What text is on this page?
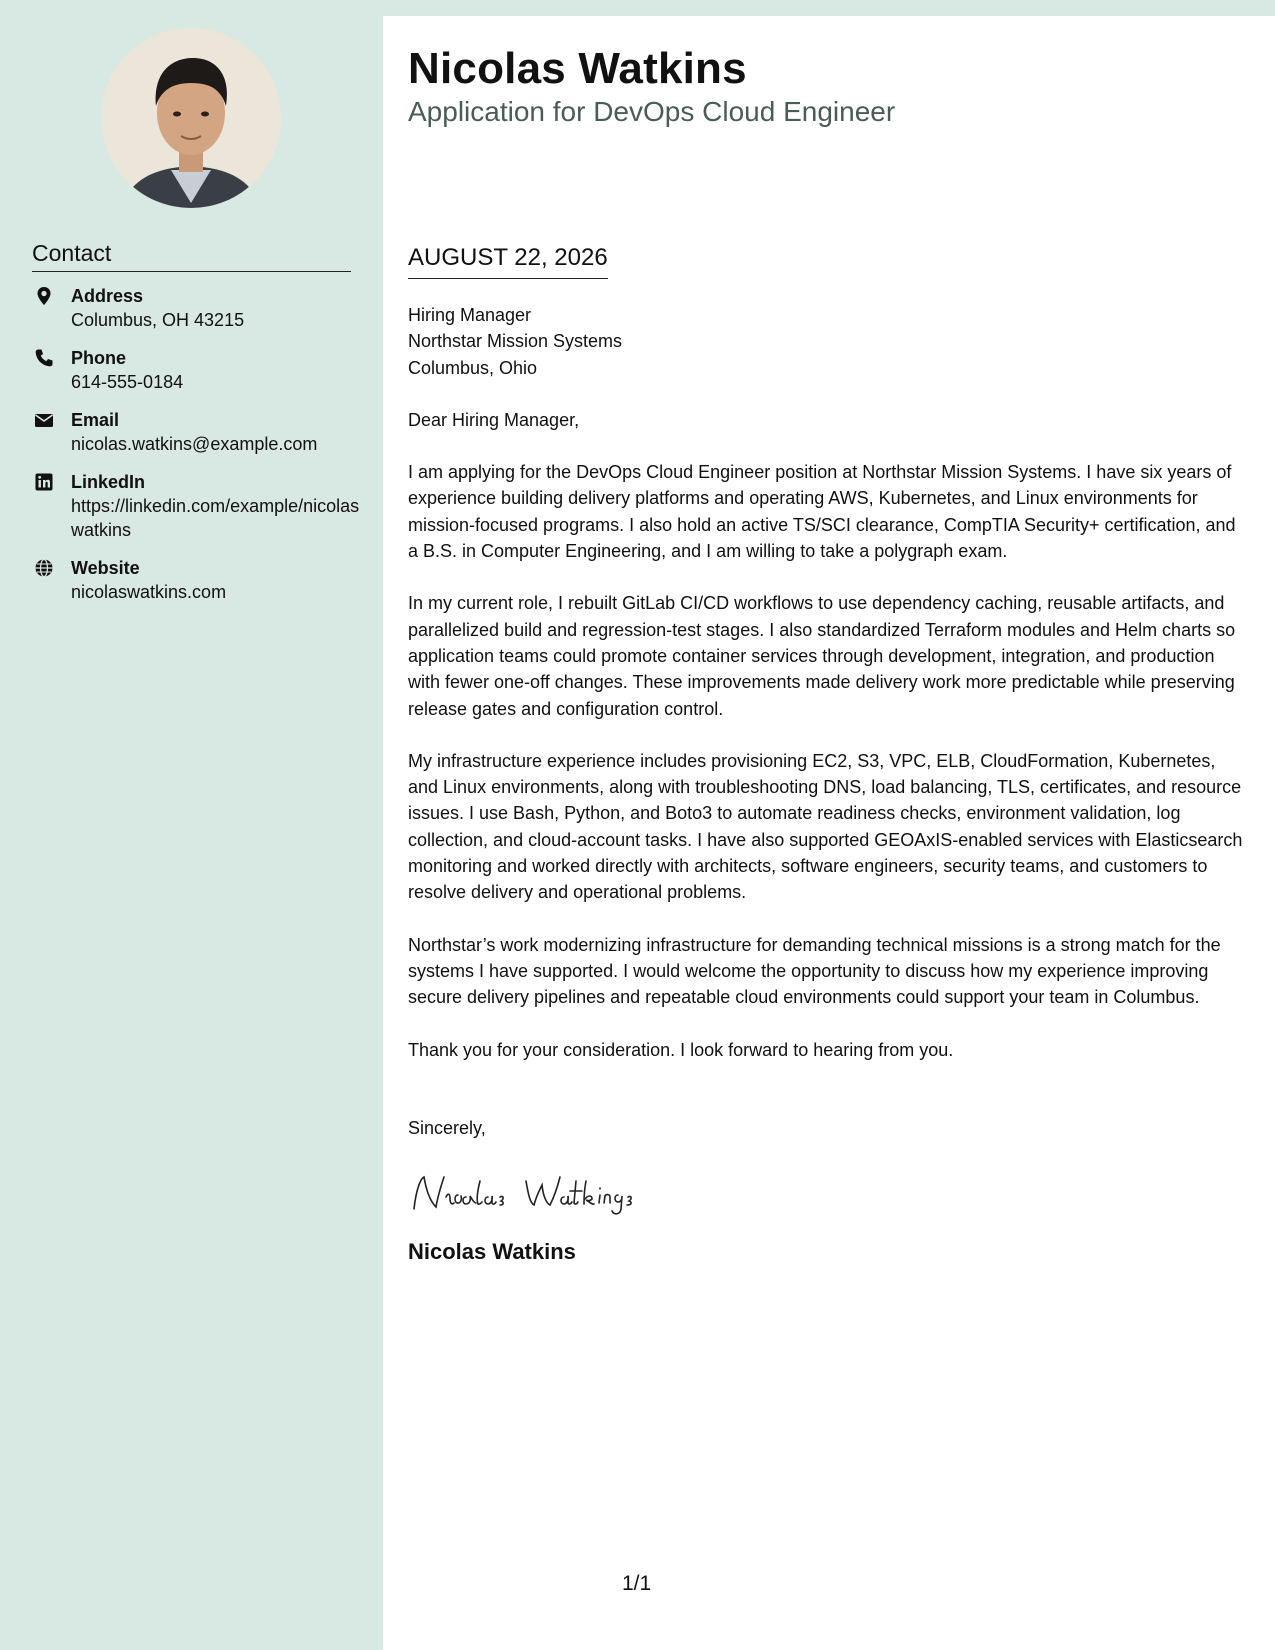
Contact
Address
Columbus, OH 43215
Phone
614-555-0184
Email
nicolas.watkins@example.com
LinkedIn
https://linkedin.com/example/nicolaswatkins
Website
nicolaswatkins.com
Nicolas Watkins
Application for DevOps Cloud Engineer
AUGUST 22, 2026

Hiring Manager

Northstar Mission Systems

Columbus, Ohio

Dear Hiring Manager,

I am applying for the DevOps Cloud Engineer position at Northstar Mission Systems. I have six years of experience building delivery platforms and operating AWS, Kubernetes, and Linux environments for mission-focused programs. I also hold an active TS/SCI clearance, CompTIA Security+ certification, and a B.S. in Computer Engineering, and I am willing to take a polygraph exam.

In my current role, I rebuilt GitLab CI/CD workflows to use dependency caching, reusable artifacts, and parallelized build and regression-test stages. I also standardized Terraform modules and Helm charts so application teams could promote container services through development, integration, and production with fewer one-off changes. These improvements made delivery work more predictable while preserving release gates and configuration control.

My infrastructure experience includes provisioning EC2, S3, VPC, ELB, CloudFormation, Kubernetes, and Linux environments, along with troubleshooting DNS, load balancing, TLS, certificates, and resource issues. I use Bash, Python, and Boto3 to automate readiness checks, environment validation, log collection, and cloud-account tasks. I have also supported GEOAxIS-enabled services with Elasticsearch monitoring and worked directly with architects, software engineers, security teams, and customers to resolve delivery and operational problems.

Northstar’s work modernizing infrastructure for demanding technical missions is a strong match for the systems I have supported. I would welcome the opportunity to discuss how my experience improving secure delivery pipelines and repeatable cloud environments could support your team in Columbus.

Thank you for your consideration. I look forward to hearing from you.

Sincerely,

Nicolas Watkins
1/1
